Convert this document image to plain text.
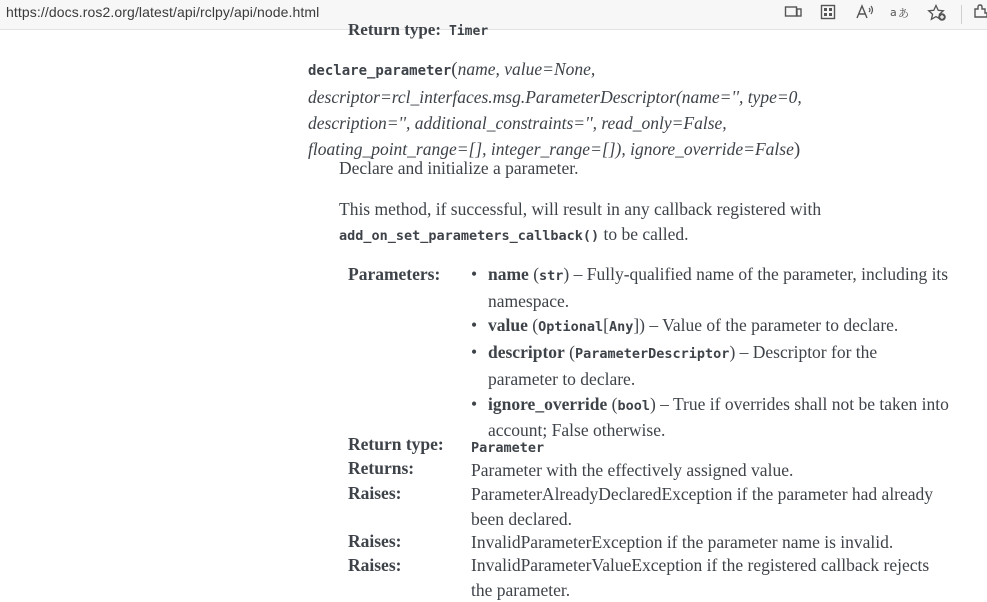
https://docs.ros2.org/latest/api/rclpy/api/node.html	a あ
Return type: Timer
declare_parameter(name, value=None,
descriptor=rcl_interfaces.msg.ParameterDescriptor(name='', type=0,
description='', additional_constraints='', read_only=False,
floating_point_range=[], integer_range=[]), ignore_override=False)
Declare and initialize a parameter.
This method, if successful, will result in any callback registered with
add_on_set_parameters_callback() to be called.
Parameters: • name (str) – Fully-qualified name of the parameter, including its namespace.
• value (Optional[Any]) – Value of the parameter to declare.
• descriptor (ParameterDescriptor) – Descriptor for the parameter to declare.
• ignore_override (bool) – True if overrides shall not be taken into account; False otherwise.
Return type: Parameter
Returns:	Parameter with the effectively assigned value.
Raises:	ParameterAlreadyDeclaredException if the parameter had already been declared.
Raises:	InvalidParameterException if the parameter name is invalid.
Raises:	InvalidParameterValueException if the registered callback rejects the parameter.
